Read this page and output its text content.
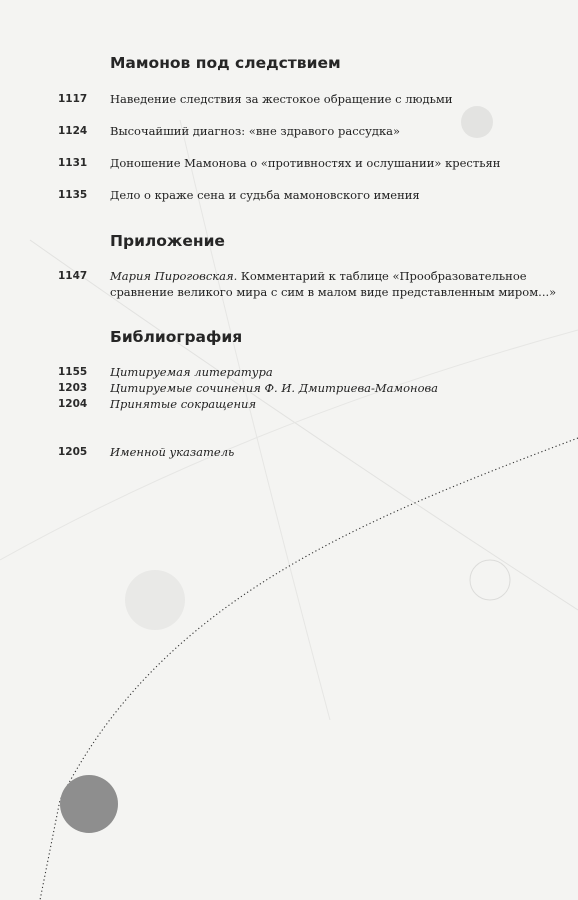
Мамонов под следствием
1117	Наведение следствия за жестокое обращение с людьми
1124	Высочайший диагноз: «вне здравого рассудка»
1131	Доношение Мамонова о «противностях и ослушании» крестьян
1135	Дело о краже сена и судьба мамоновского имения
Приложение
1147	Мария Пироговская. Комментарий к таблице «Прообразовательное
сравнение великого мира с сим в малом виде представленным миром...»
Библиография
1155	Цитируемая литература
1203	Цитируемые сочинения Ф. И. Дмитриева-Мамонова
1204	Принятые сокращения
1205	Именной указатель
